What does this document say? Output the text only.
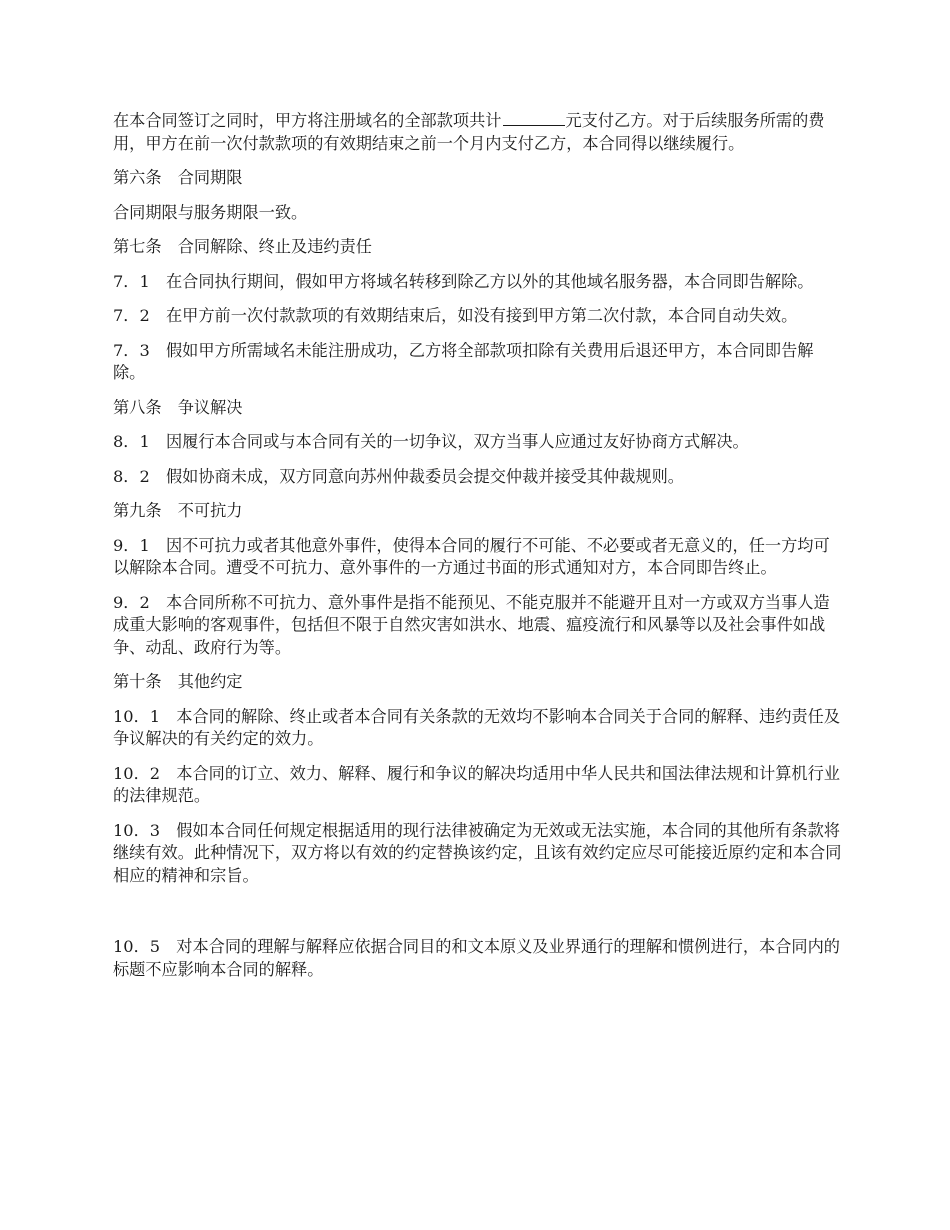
在本合同签订之同时，甲方将注册域名的全部款项共计	元支付乙方。对于后续服务所需的费用，甲方在前一次付款款项的有效期结束之前一个月内支付乙方，本合同得以继续履行。

第六条　合同期限

合同期限与服务期限一致。

第七条　合同解除、终止及违约责任

7．1　在合同执行期间，假如甲方将域名转移到除乙方以外的其他域名服务器，本合同即告解除。

7．2　在甲方前一次付款款项的有效期结束后，如没有接到甲方第二次付款，本合同自动失效。

7．3　假如甲方所需域名未能注册成功，乙方将全部款项扣除有关费用后退还甲方，本合同即告解除。

第八条　争议解决

8．1　因履行本合同或与本合同有关的一切争议，双方当事人应通过友好协商方式解决。

8．2　假如协商未成，双方同意向苏州仲裁委员会提交仲裁并接受其仲裁规则。

第九条　不可抗力

9．1　因不可抗力或者其他意外事件，使得本合同的履行不可能、不必要或者无意义的，任一方均可以解除本合同。遭受不可抗力、意外事件的一方通过书面的形式通知对方，本合同即告终止。

9．2　本合同所称不可抗力、意外事件是指不能预见、不能克服并不能避开且对一方或双方当事人造成重大影响的客观事件，包括但不限于自然灾害如洪水、地震、瘟疫流行和风暴等以及社会事件如战争、动乱、政府行为等。

第十条　其他约定

10．1　本合同的解除、终止或者本合同有关条款的无效均不影响本合同关于合同的解释、违约责任及争议解决的有关约定的效力。

10．2　本合同的订立、效力、解释、履行和争议的解决均适用中华人民共和国法律法规和计算机行业的法律规范。

10．3　假如本合同任何规定根据适用的现行法律被确定为无效或无法实施，本合同的其他所有条款将继续有效。此种情况下，双方将以有效的约定替换该约定，且该有效约定应尽可能接近原约定和本合同相应的精神和宗旨。

10．5　对本合同的理解与解释应依据合同目的和文本原义及业界通行的理解和惯例进行，本合同内的标题不应影响本合同的解释。
